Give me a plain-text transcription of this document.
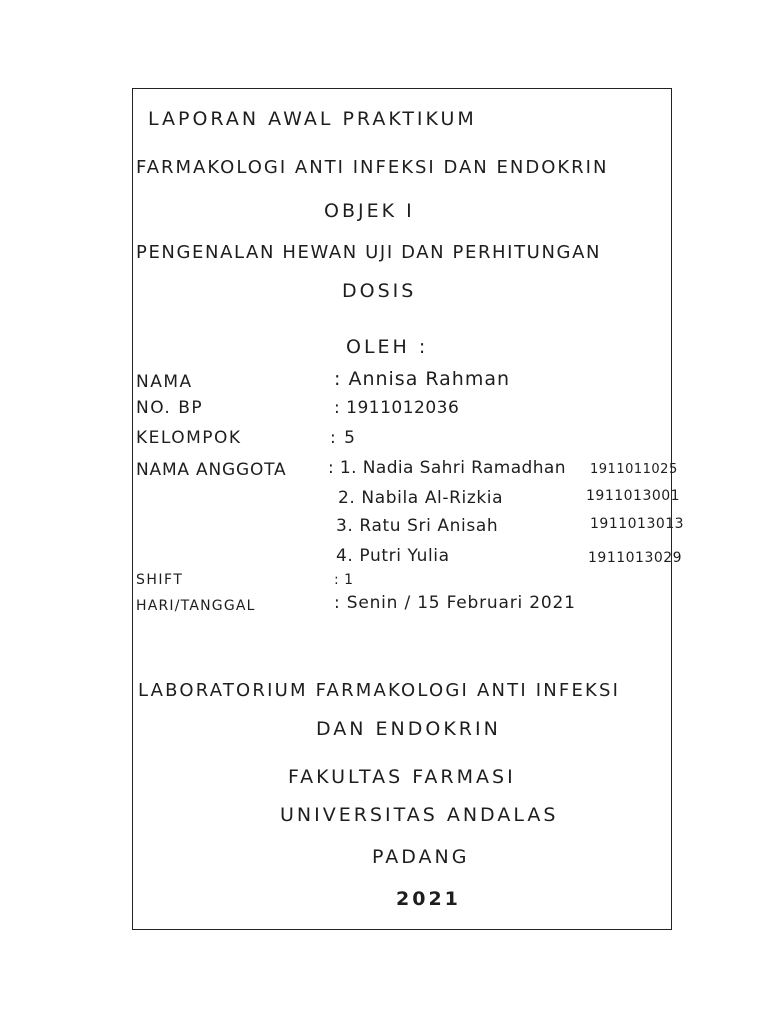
LAPORAN AWAL PRAKTIKUM
FARMAKOLOGI ANTI INFEKSI DAN ENDOKRIN
OBJEK I
PENGENALAN HEWAN UJI DAN PERHITUNGAN
DOSIS
OLEH :
NAMA	: Annisa Rahman
NO. BP	: 1911012036
KELOMPOK	: 5
NAMA ANGGOTA : 1. Nadia Sahri Ramadhan 1911011025
2. Nabila Al-Rizkia	1911013001
3. Ratu Sri Anisah	1911013013
4. Putri Yulia	1911013029
SHIFT	: 1
HARI/TANGGAL	: Senin / 15 Februari 2021
LABORATORIUM FARMAKOLOGI ANTI INFEKSI
DAN ENDOKRIN
FAKULTAS FARMASI
UNIVERSITAS ANDALAS
PADANG
2021
